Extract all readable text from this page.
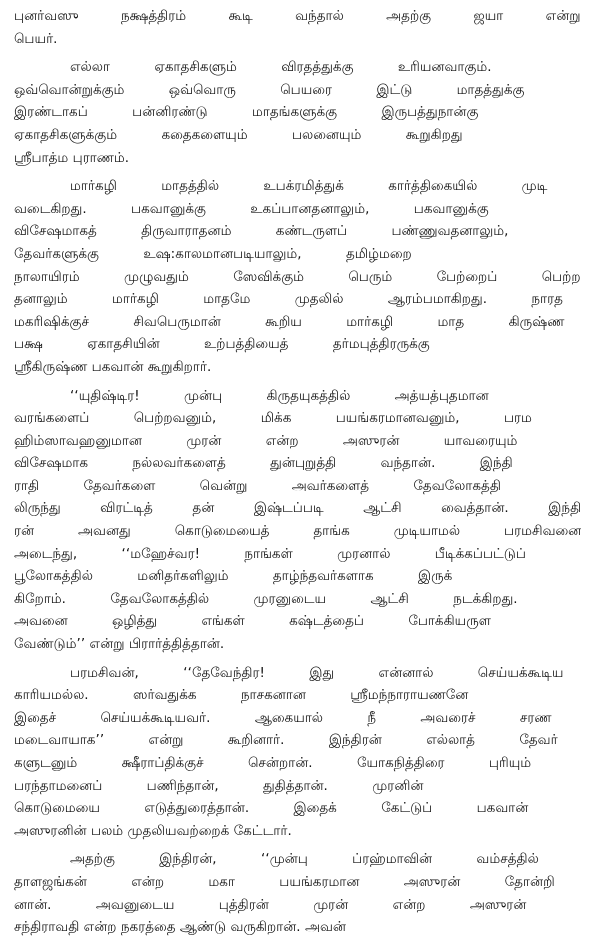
புனர்வஸு நக்ஷத்திரம் கூடி வந்தால் அதற்கு ஜயா என்று
பெயர்.
எல்லா ஏகாதசிகளும் விரதத்துக்கு உரியனவாகும்.
ஒவ்வொன்றுக்கும் ஒவ்வொரு பெயரை இட்டு மாதத்துக்கு
இரண்டாகப் பன்னிரண்டு மாதங்களுக்கு இருபத்துநான்கு
ஏகாதசிகளுக்கும் கதைகளையும் பலனையும் கூறுகிறது
ஸ்ரீபாத்ம புராணம்.
மார்கழி மாதத்தில் உபக்ரமித்துக் கார்த்திகையில் முடி
வடைகிறது. பகவானுக்கு உகப்பானதனாலும், பகவானுக்கு
விசேஷமாகத் திருவாராதனம் கண்டருளப் பண்ணுவதனாலும்,
தேவர்களுக்கு உஷ:காலமானபடியாலும், தமிழ்மறை
நாலாயிரம் முழுவதும் ஸேவிக்கும் பெரும் பேற்றைப் பெற்ற
தனாலும் மார்கழி மாதமே முதலில் ஆரம்பமாகிறது. நாரத
மகரிஷிக்குச் சிவபெருமான் கூறிய மார்கழி மாத கிருஷ்ண
பக்ஷ ஏகாதசியின் உற்பத்தியைத் தர்மபுத்திரருக்கு
ஸ்ரீகிருஷ்ண பகவான் கூறுகிறார்.
‘‘யுதிஷ்டிர! முன்பு கிருதயுகத்தில் அத்யத்புதமான
வரங்களைப் பெற்றவனும், மிக்க பயங்கரமானவனும், பரம
ஹிம்ஸாவஹனுமான முரன் என்ற அஸுரன் யாவரையும்
விசேஷமாக நல்லவர்களைத் துன்புறுத்தி வந்தான். இந்தி
ராதி தேவர்களை வென்று அவர்களைத் தேவலோகத்தி
லிருந்து விரட்டித் தன் இஷ்டப்படி ஆட்சி வைத்தான். இந்தி
ரன் அவனது கொடுமையைத் தாங்க முடியாமல் பரமசிவனை
அடைந்து, ‘‘மஹேச்வர! நாங்கள் முரனால் பீடிக்கப்பட்டுப்
பூலோகத்தில் மனிதர்களிலும் தாழ்ந்தவர்களாக இருக்
கிறோம். தேவலோகத்தில் முரனுடைய ஆட்சி நடக்கிறது.
அவனை ஒழித்து எங்கள் கஷ்டத்தைப் போக்கியருள
வேண்டும்’’ என்று பிரார்த்தித்தான்.
பரமசிவன், ‘‘தேவேந்திர! இது என்னால் செய்யக்கூடிய
காரியமல்ல. ஸர்வதுக்க நாசகனான ஸ்ரீமந்நாராயணனே
இதைச் செய்யக்கூடியவர். ஆகையால் நீ அவரைச் சரண
மடைவாயாக’’ என்று கூறினார். இந்திரன் எல்லாத் தேவர்
களுடனும் க்ஷீராப்திக்குச் சென்றான். யோகநித்திரை புரியும்
பரந்தாமனைப் பணிந்தான், துதித்தான். முரனின்
கொடுமையை எடுத்துரைத்தான். இதைக் கேட்டுப் பகவான்
அஸுரனின் பலம் முதலியவற்றைக் கேட்டார்.
அதற்கு இந்திரன், ‘‘முன்பு ப்ரஹ்மாவின் வம்சத்தில்
தாளஜங்கன் என்ற மகா பயங்கரமான அஸுரன் தோன்றி
னான். அவனுடைய புத்திரன் முரன் என்ற அஸுரன்
சந்திராவதி என்ற நகரத்தை ஆண்டு வருகிறான். அவன்
